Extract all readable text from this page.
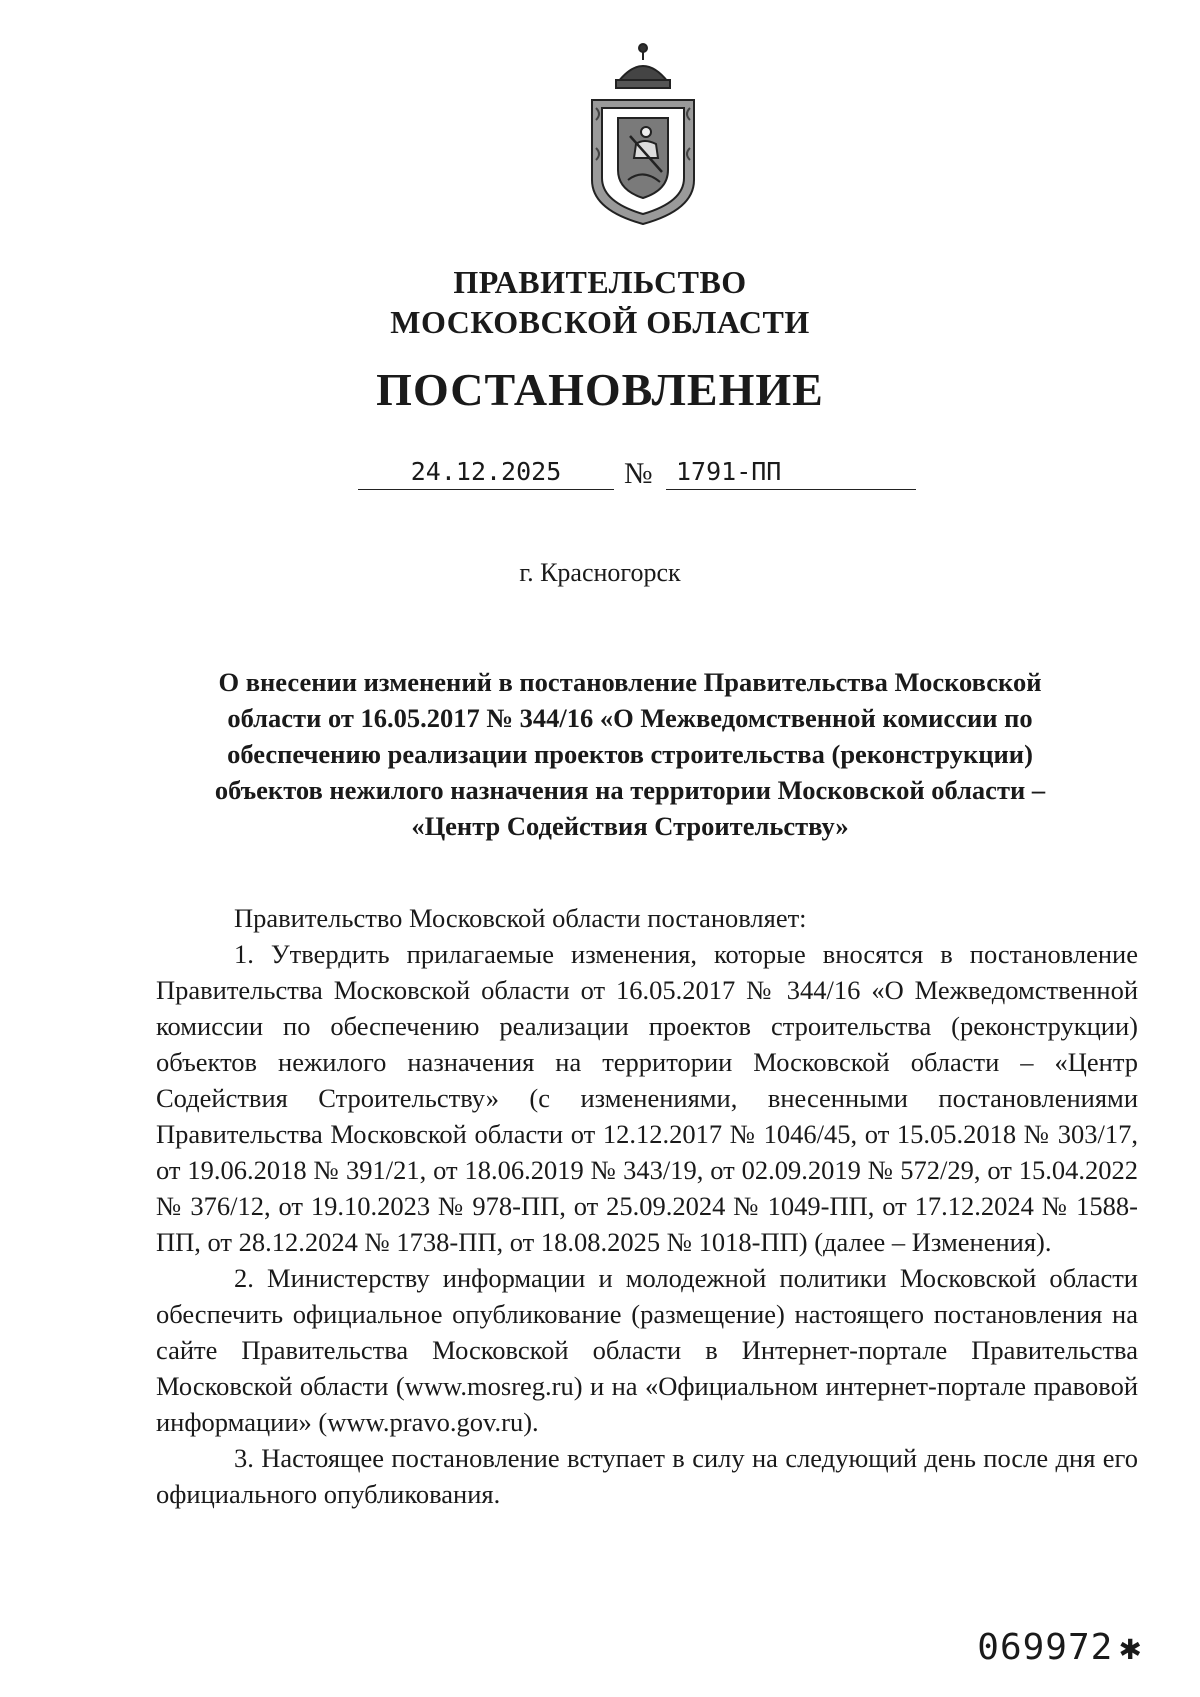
ПРАВИТЕЛЬСТВО
МОСКОВСКОЙ ОБЛАСТИ
ПОСТАНОВЛЕНИЕ
24.12.2025	№ 1791-ПП
г. Красногорск
О внесении изменений в постановление Правительства Московской области от 16.05.2017 № 344/16 «О Межведомственной комиссии по обеспечению реализации проектов строительства (реконструкции) объектов нежилого назначения на территории Московской области – «Центр Содействия Строительству»

Правительство Московской области постановляет:

1. Утвердить прилагаемые изменения, которые вносятся в постановление Правительства Московской области от 16.05.2017 № 344/16 «О Межведомственной комиссии по обеспечению реализации проектов строительства (реконструкции) объектов нежилого назначения на территории Московской области – «Центр Содействия Строительству» (с изменениями, внесенными постановлениями Правительства Московской области от 12.12.2017 № 1046/45, от 15.05.2018 № 303/17, от 19.06.2018 № 391/21, от 18.06.2019 № 343/19, от 02.09.2019 № 572/29, от 15.04.2022 № 376/12, от 19.10.2023 № 978-ПП, от 25.09.2024 № 1049-ПП, от 17.12.2024 № 1588-ПП, от 28.12.2024 № 1738-ПП, от 18.08.2025 № 1018-ПП) (далее – Изменения).

2. Министерству информации и молодежной политики Московской области обеспечить официальное опубликование (размещение) настоящего постановления на сайте Правительства Московской области в Интернет-портале Правительства Московской области (www.mosreg.ru) и на «Официальном интернет-портале правовой информации» (www.pravo.gov.ru).

3. Настоящее постановление вступает в силу на следующий день после дня его официального опубликования.

069972 ✱
